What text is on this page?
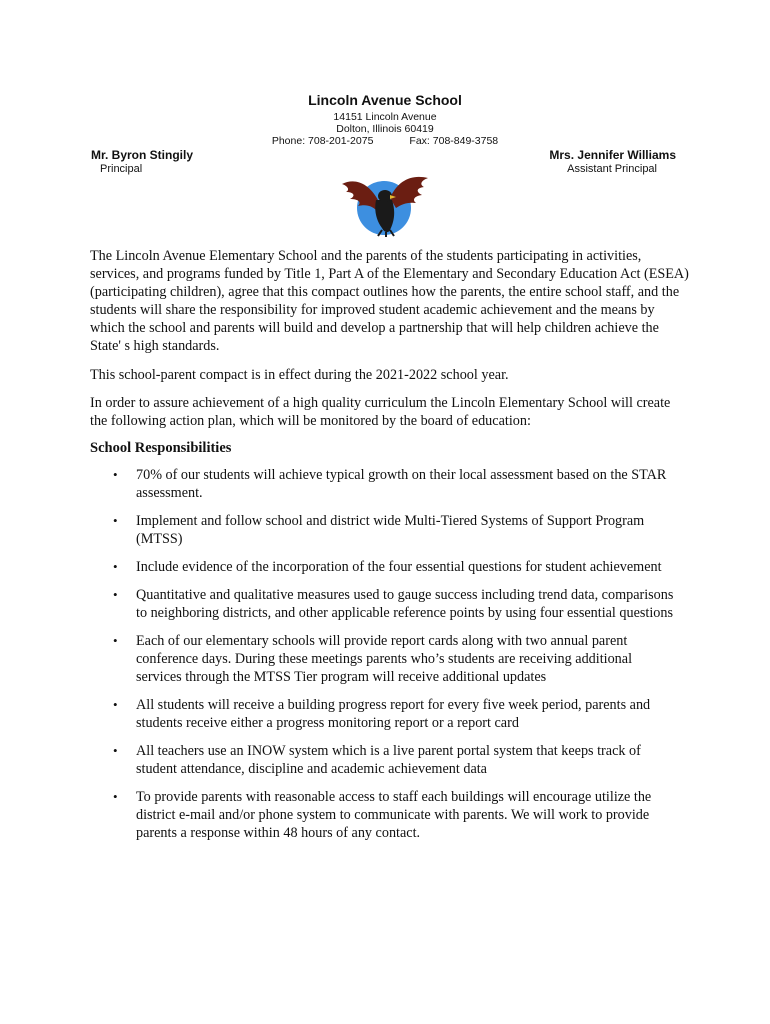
Lincoln Avenue School
14151 Lincoln Avenue
Dolton, Illinois 60419
Phone: 708-201-2075	Fax: 708-849-3758
Mr. Byron Stingily
Principal
Mrs. Jennifer Williams
Assistant Principal

The Lincoln Avenue Elementary School and the parents of the students participating in activities, services, and programs funded by Title 1, Part A of the Elementary and Secondary Education Act (ESEA) (participating children), agree that this compact outlines how the parents, the entire school staff, and the students will share the responsibility for improved student academic achievement and the means by which the school and parents will build and develop a partnership that will help children achieve the State' s high standards.

This school-parent compact is in effect during the 2021-2022 school year.

In order to assure achievement of a high quality curriculum the Lincoln Elementary School will create the following action plan, which will be monitored by the board of education:

School Responsibilities
• 70% of our students will achieve typical growth on their local assessment based on the STAR assessment.
• Implement and follow school and district wide Multi-Tiered Systems of Support Program (MTSS)
• Include evidence of the incorporation of the four essential questions for student achievement
• Quantitative and qualitative measures used to gauge success including trend data, comparisons to neighboring districts, and other applicable reference points by using four essential questions
• Each of our elementary schools will provide report cards along with two annual parent conference days. During these meetings parents who’s students are receiving additional services through the MTSS Tier program will receive additional updates
• All students will receive a building progress report for every five week period, parents and students receive either a progress monitoring report or a report card
• All teachers use an INOW system which is a live parent portal system that keeps track of student attendance, discipline and academic achievement data
• To provide parents with reasonable access to staff each buildings will encourage utilize the district e-mail and/or phone system to communicate with parents. We will work to provide parents a response within 48 hours of any contact.
